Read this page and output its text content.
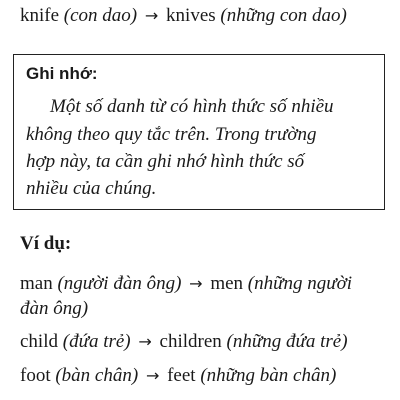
knife (con dao) → knives (những con dao)
Ghi nhớ:
Một số danh từ có hình thức số nhiều
không theo quy tắc trên. Trong trường
hợp này, ta cần ghi nhớ hình thức số
nhiều của chúng.
Ví dụ:
man (người đàn ông) → men (những người
đàn ông)
child (đứa trẻ) → children (những đứa trẻ)
foot (bàn chân) → feet (những bàn chân)
